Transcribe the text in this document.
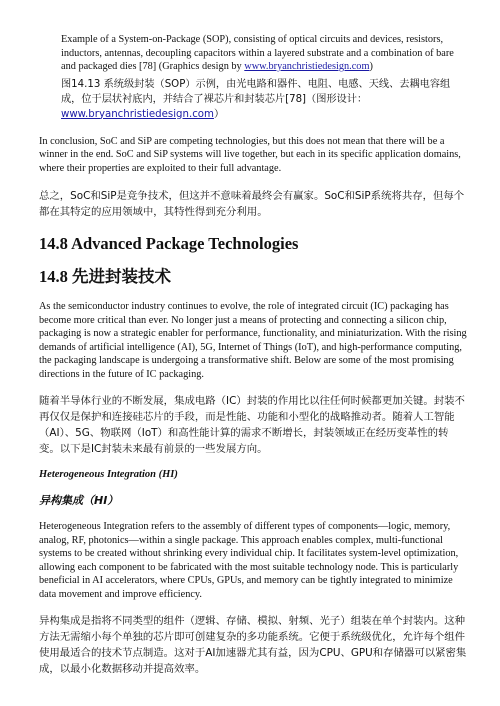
Example of a System-on-Package (SOP), consisting of optical circuits and devices, resistors, inductors, antennas, decoupling capacitors within a layered substrate and a combination of bare and packaged dies [78] (Graphics design by www.bryanchristiedesign.com)

图14.13 系统级封装（SOP）示例，由光电路和器件、电阻、电感、天线、去耦电容组成，位于层状衬底内，并结合了裸芯片和封装芯片[78]（图形设计：www.bryanchristiedesign.com）

In conclusion, SoC and SiP are competing technologies, but this does not mean that there will be a winner in the end. SoC and SiP systems will live together, but each in its specific application domains, where their properties are exploited to their full advantage.

总之，SoC和SiP是竞争技术，但这并不意味着最终会有赢家。SoC和SiP系统将共存，但每个都在其特定的应用领域中，其特性得到充分利用。

14.8 Advanced Package Technologies
14.8 先进封装技术

As the semiconductor industry continues to evolve, the role of integrated circuit (IC) packaging has become more critical than ever. No longer just a means of protecting and connecting a silicon chip, packaging is now a strategic enabler for performance, functionality, and miniaturization. With the rising demands of artificial intelligence (AI), 5G, Internet of Things (IoT), and high-performance computing, the packaging landscape is undergoing a transformative shift. Below are some of the most promising directions in the future of IC packaging.

随着半导体行业的不断发展，集成电路（IC）封装的作用比以往任何时候都更加关键。封装不再仅仅是保护和连接硅芯片的手段，而是性能、功能和小型化的战略推动者。随着人工智能（AI）、5G、物联网（IoT）和高性能计算的需求不断增长，封装领域正在经历变革性的转变。以下是IC封装未来最有前景的一些发展方向。

Heterogeneous Integration (HI)

异构集成（HI）

Heterogeneous Integration refers to the assembly of different types of components—logic, memory, analog, RF, photonics—within a single package. This approach enables complex, multi-functional systems to be created without shrinking every individual chip. It facilitates system-level optimization, allowing each component to be fabricated with the most suitable technology node. This is particularly beneficial in AI accelerators, where CPUs, GPUs, and memory can be tightly integrated to minimize data movement and improve efficiency.

异构集成是指将不同类型的组件（逻辑、存储、模拟、射频、光子）组装在单个封装内。这种方法无需缩小每个单独的芯片即可创建复杂的多功能系统。它便于系统级优化，允许每个组件使用最适合的技术节点制造。这对于AI加速器尤其有益，因为CPU、GPU和存储器可以紧密集成，以最小化数据移动并提高效率。
